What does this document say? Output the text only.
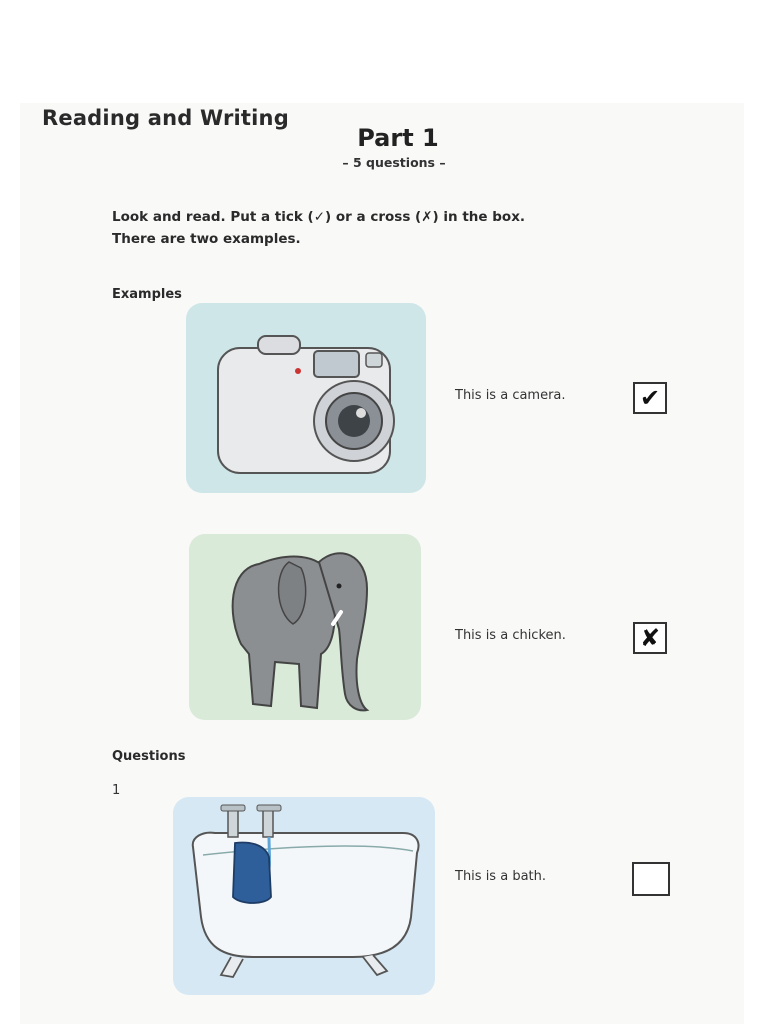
Reading and Writing
Part 1
– 5 questions –
Look and read. Put a tick (✓) or a cross (✗) in the box.
There are two examples.
Examples
This is a camera.	✔
This is a chicken.	✘
Questions
1
This is a bath.
